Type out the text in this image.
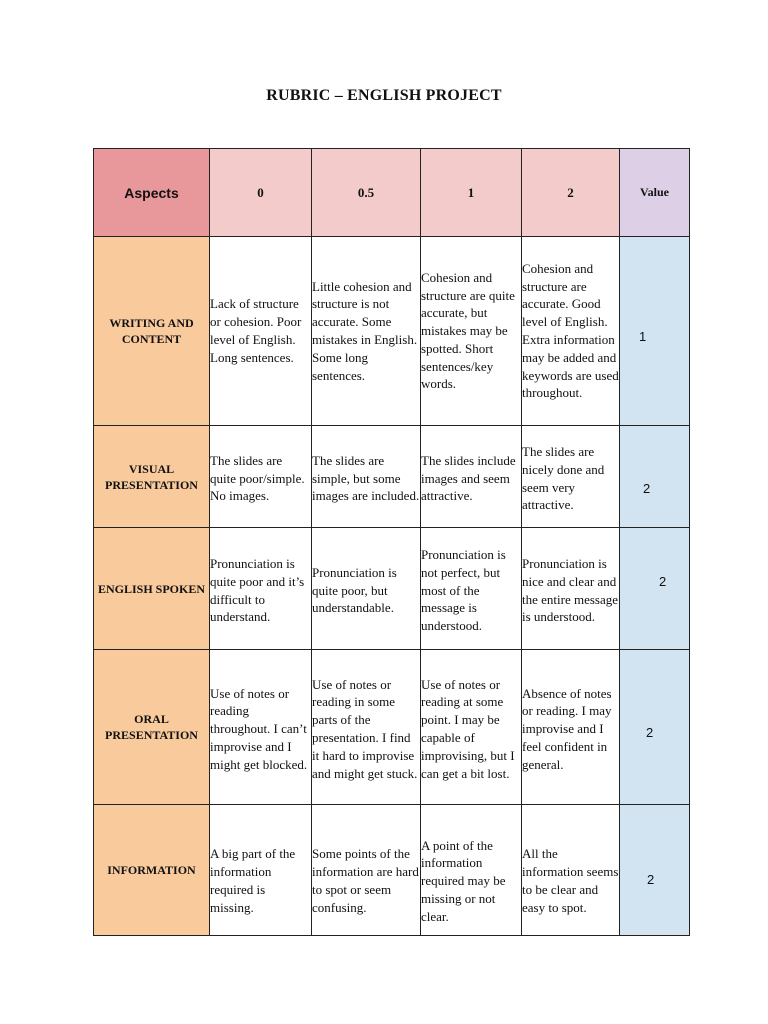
RUBRIC – ENGLISH PROJECT
Aspects	0	0.5	1	2	Value
WRITING AND CONTENT	Lack of structure or cohesion. Poor level of English. Long sentences.	Little cohesion and structure is not accurate. Some mistakes in English. Some long sentences.	Cohesion and structure are quite accurate, but mistakes may be spotted. Short sentences/key words.	Cohesion and structure are accurate. Good level of English. Extra information may be added and keywords are used throughout.	1

VISUAL PRESENTATION	The slides are quite poor/simple. No images.	The slides are simple, but some images are included.	The slides include images and seem attractive.	The slides are nicely done and seem very attractive.	2

ENGLISH SPOKEN	Pronunciation is quite poor and it’s difficult to understand.	Pronunciation is quite poor, but understandable.	Pronunciation is not perfect, but most of the message is understood.	Pronunciation is nice and clear and the entire message is understood.	2

ORAL PRESENTATION	Use of notes or reading throughout. I can’t improvise and I might get blocked.	Use of notes or reading in some parts of the presentation. I find it hard to improvise and might get stuck.	Use of notes or reading at some point. I may be capable of improvising, but I can get a bit lost.	Absence of notes or reading. I may improvise and I feel confident in general.	2

INFORMATION	A big part of the information required is missing.	Some points of the information are hard to spot or seem confusing.	A point of the information required may be missing or not clear.	All the information seems to be clear and easy to spot.	2
